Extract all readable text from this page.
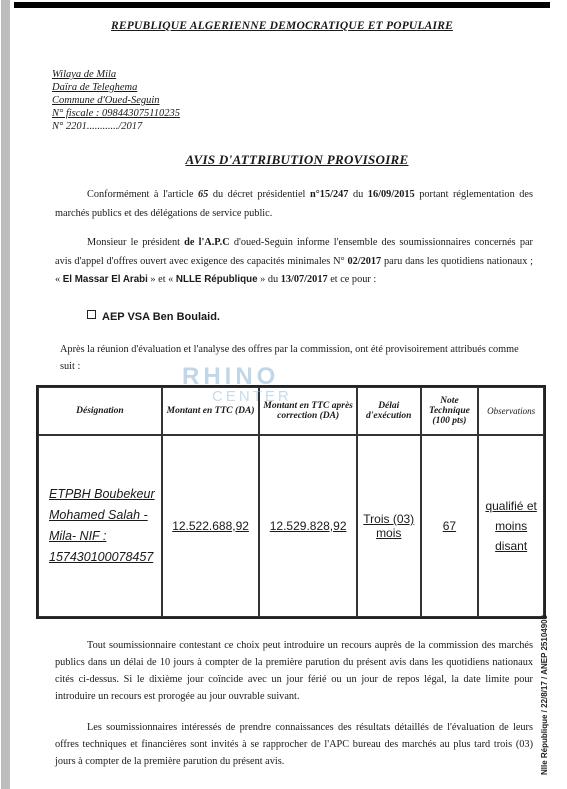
REPUBLIQUE ALGERIENNE DEMOCRATIQUE ET POPULAIRE
Wilaya de Mila
Daïra de Teleghema
Commune d'Oued-Seguin
N° fiscale : 098443075110235
N° 2201............/2017
AVIS D'ATTRIBUTION PROVISOIRE
Conformément à l'article 65 du décret présidentiel n°15/247 du 16/09/2015 portant réglementation des marchés publics et des délégations de service public.
Monsieur le président de l'A.P.C d'oued-Seguin informe l'ensemble des soumissionnaires concernés par avis d'appel d'offres ouvert avec exigence des capacités minimales N° 02/2017 paru dans les quotidiens nationaux ; « El Massar El Arabi » et « NLLE République » du 13/07/2017 et ce pour :
AEP VSA Ben Boulaid.
Après la réunion d'évaluation et l'analyse des offres par la commission, ont été provisoirement attribués comme suit :
Désignation	Montant en TTC (DA)	Montant en TTC après correction (DA)	Délai d'exécution	Note Technique (100 pts)	Observations
ETPBH Boubekeur Mohamed Salah -Mila- NIF : 157430100078457	12.522.688,92	12.529.828,92	Trois (03) mois	67	qualifié et moins disant
RHINO
CENTER
Tout soumissionnaire contestant ce choix peut introduire un recours auprès de la commission des marchés publics dans un délai de 10 jours à compter de la première parution du présent avis dans les quotidiens nationaux cités ci-dessus. Si le dixième jour coïncide avec un jour férié ou un jour de repos légal, la date limite pour introduire un recours est prorogée au jour ouvrable suivant.
Les soumissionnaires intéressés de prendre connaissances des résultats détaillés de l'évaluation de leurs offres techniques et financières sont invités à se rapprocher de l'APC bureau des marchés au plus tard trois (03) jours à compter de la première parution du présent avis.	Nlle République / 22/8/17 / ANEP 25104903
